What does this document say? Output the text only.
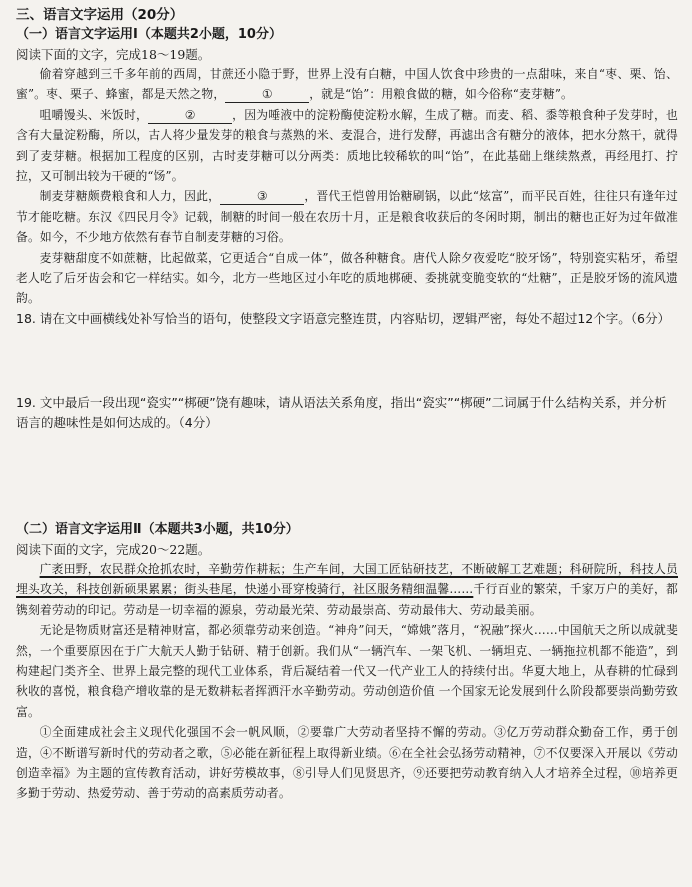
三、语言文字运用（20分）
（一）语言文字运用Ⅰ（本题共2小题，10分）

阅读下面的文字，完成18～19题。

偷着穿越到三千多年前的西周，甘蔗还小隐于野，世界上没有白糖，中国人饮食中珍贵的一点甜味，来自“枣、栗、饴、蜜”。枣、栗子、蜂蜜，都是天然之物，	①	，就是“饴”：用粮食做的糖，如今俗称“麦芽糖”。

咀嚼馒头、米饭时，	②	，因为唾液中的淀粉酶使淀粉水解，生成了糖。而麦、稻、黍等粮食种子发芽时，也含有大量淀粉酶，所以，古人将少量发芽的粮食与蒸熟的米、麦混合，进行发酵，再滤出含有糖分的液体，把水分熬干，就得到了麦芽糖。根据加工程度的区别，古时麦芽糖可以分两类：质地比较稀软的叫“饴”，在此基础上继续熬煮，再经甩打、拧拉，又可制出较为干硬的“饧”。

制麦芽糖颇费粮食和人力，因此，	③	，晋代王恺曾用饴糖刷锅，以此“炫富”，而平民百姓，往往只有逢年过节才能吃糖。东汉《四民月令》记载，制糖的时间一般在农历十月，正是粮食收获后的冬闲时期，制出的糖也正好为过年做准备。如今，不少地方依然有春节自制麦芽糖的习俗。

麦芽糖甜度不如蔗糖，比起做菜，它更适合“自成一体”，做各种糖食。唐代人除夕夜爱吃“胶牙饧”，特别瓷实粘牙，希望老人吃了后牙齿会和它一样结实。如今，北方一些地区过小年吃的质地梆硬、委挑就变脆变软的“灶糖”，正是胶牙饧的流风遗韵。

18. 请在文中画横线处补写恰当的语句，使整段文字语意完整连贯，内容贴切，逻辑严密，每处不超过12个字。（6分）

19. 文中最后一段出现“瓷实”“梆硬”饶有趣味，请从语法关系角度，指出“瓷实”“梆硬”二词属于什么结构关系，并分析语言的趣味性是如何达成的。（4分）

（二）语言文字运用Ⅱ（本题共3小题，共10分）

阅读下面的文字，完成20～22题。

广袤田野，农民群众抢抓农时，辛勤劳作耕耘；生产车间，大国工匠钻研技艺，不断破解工艺难题；科研院所，科技人员埋头攻关，科技创新硕果累累；街头巷尾，快递小哥穿梭骑行，社区服务精细温馨……千行百业的繁荣，千家万户的美好，都镌刻着劳动的印记。劳动是一切幸福的源泉，劳动最光荣、劳动最崇高、劳动最伟大、劳动最美丽。

无论是物质财富还是精神财富，都必须靠劳动来创造。“神舟”问天，“嫦娥”落月，“祝融”探火……中国航天之所以成就斐然，一个重要原因在于广大航天人勤于钻研、精于创新。我们从“一辆汽车、一架飞机、一辆坦克、一辆拖拉机都不能造”，到构建起门类齐全、世界上最完整的现代工业体系，背后凝结着一代又一代产业工人的持续付出。华夏大地上，从春耕的忙碌到秋收的喜悦，粮食稳产增收靠的是无数耕耘者挥洒汗水辛勤劳动。劳动创造价值 一个国家无论发展到什么阶段都要崇尚勤劳致富。

①全面建成社会主义现代化强国不会一帆风顺，②要靠广大劳动者坚持不懈的劳动。③亿万劳动群众勤奋工作，勇于创造，④不断谱写新时代的劳动者之歌，⑤必能在新征程上取得新业绩。⑥在全社会弘扬劳动精神，⑦不仅要深入开展以《劳动创造幸福》为主题的宣传教育活动，讲好劳模故事，⑧引导人们见贤思齐，⑨还要把劳动教育纳入人才培养全过程，⑩培养更多勤于劳动、热爱劳动、善于劳动的高素质劳动者。
